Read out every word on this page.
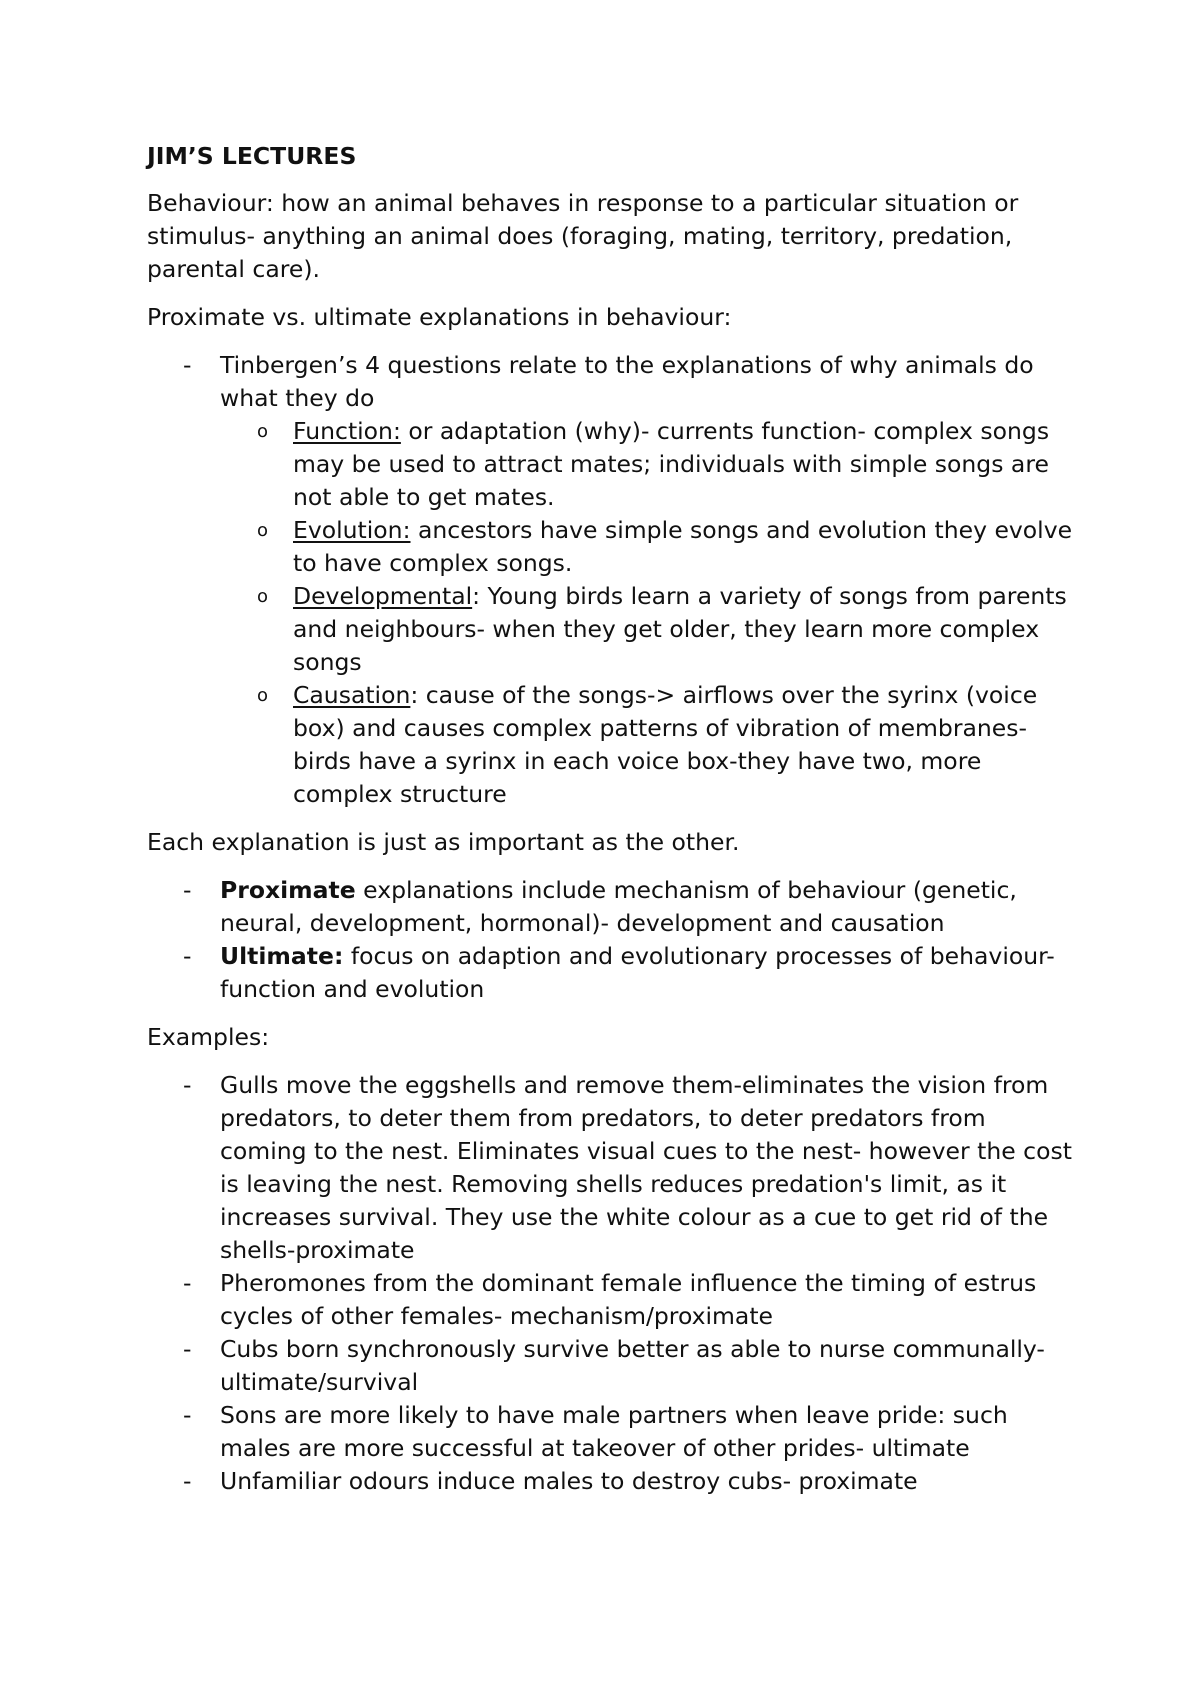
JIM’S LECTURES

Behaviour: how an animal behaves in response to a particular situation or stimulus- anything an animal does (foraging, mating, territory, predation, parental care).

Proximate vs. ultimate explanations in behaviour:

- Tinbergen’s 4 questions relate to the explanations of why animals do what they do
o Function: or adaptation (why)- currents function- complex songs may be used to attract mates; individuals with simple songs are not able to get mates.
o Evolution: ancestors have simple songs and evolution they evolve to have complex songs.
o Developmental: Young birds learn a variety of songs from parents and neighbours- when they get older, they learn more complex songs
o Causation: cause of the songs-> airflows over the syrinx (voice box) and causes complex patterns of vibration of membranes-birds have a syrinx in each voice box-they have two, more complex structure

Each explanation is just as important as the other.

- Proximate explanations include mechanism of behaviour (genetic, neural, development, hormonal)- development and causation
- Ultimate: focus on adaption and evolutionary processes of behaviour-function and evolution

Examples:

- Gulls move the eggshells and remove them-eliminates the vision from predators, to deter them from predators, to deter predators from coming to the nest. Eliminates visual cues to the nest- however the cost is leaving the nest. Removing shells reduces predation's limit, as it increases survival. They use the white colour as a cue to get rid of the shells-proximate
- Pheromones from the dominant female influence the timing of estrus cycles of other females- mechanism/proximate
- Cubs born synchronously survive better as able to nurse communally- ultimate/survival
- Sons are more likely to have male partners when leave pride: such males are more successful at takeover of other prides- ultimate
- Unfamiliar odours induce males to destroy cubs- proximate
